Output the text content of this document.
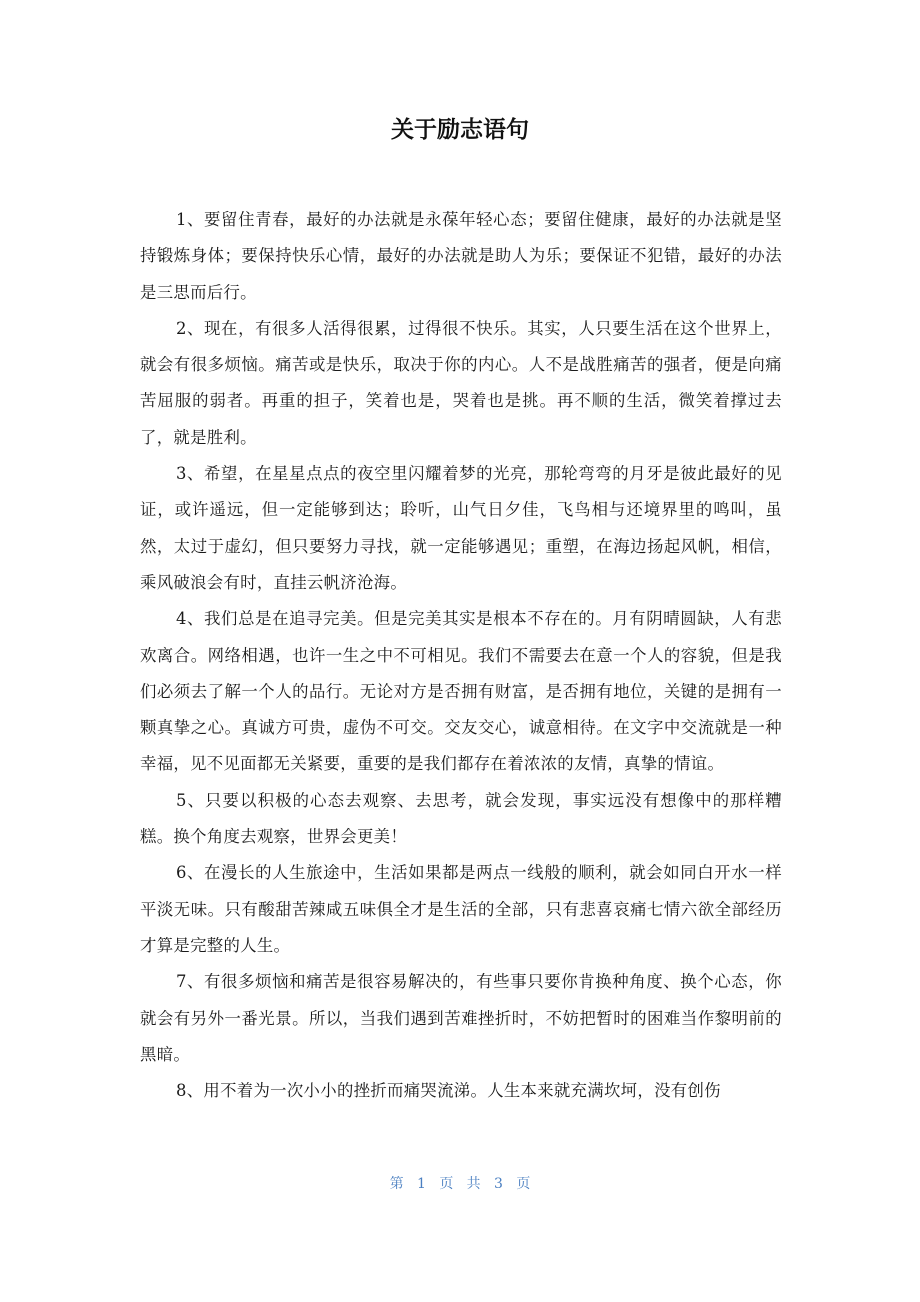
关于励志语句

1、要留住青春，最好的办法就是永葆年轻心态；要留住健康，最好的办法就是坚持锻炼身体；要保持快乐心情，最好的办法就是助人为乐；要保证不犯错，最好的办法是三思而后行。

2、现在，有很多人活得很累，过得很不快乐。其实，人只要生活在这个世界上，就会有很多烦恼。痛苦或是快乐，取决于你的内心。人不是战胜痛苦的强者，便是向痛苦屈服的弱者。再重的担子，笑着也是，哭着也是挑。再不顺的生活，微笑着撑过去了，就是胜利。

3、希望，在星星点点的夜空里闪耀着梦的光亮，那轮弯弯的月牙是彼此最好的见证，或许遥远，但一定能够到达；聆听，山气日夕佳，飞鸟相与还境界里的鸣叫，虽然，太过于虚幻，但只要努力寻找，就一定能够遇见；重塑，在海边扬起风帆，相信，乘风破浪会有时，直挂云帆济沧海。

4、我们总是在追寻完美。但是完美其实是根本不存在的。月有阴晴圆缺，人有悲欢离合。网络相遇，也许一生之中不可相见。我们不需要去在意一个人的容貌，但是我们必须去了解一个人的品行。无论对方是否拥有财富，是否拥有地位，关键的是拥有一颗真挚之心。真诚方可贵，虚伪不可交。交友交心，诚意相待。在文字中交流就是一种幸福，见不见面都无关紧要，重要的是我们都存在着浓浓的友情，真挚的情谊。

5、只要以积极的心态去观察、去思考，就会发现，事实远没有想像中的那样糟糕。换个角度去观察，世界会更美！

6、在漫长的人生旅途中，生活如果都是两点一线般的顺利，就会如同白开水一样平淡无味。只有酸甜苦辣咸五味俱全才是生活的全部，只有悲喜哀痛七情六欲全部经历才算是完整的人生。

7、有很多烦恼和痛苦是很容易解决的，有些事只要你肯换种角度、换个心态，你就会有另外一番光景。所以，当我们遇到苦难挫折时，不妨把暂时的困难当作黎明前的黑暗。

8、用不着为一次小小的挫折而痛哭流涕。人生本来就充满坎坷，没有创伤

第 1 页   共 3 页
